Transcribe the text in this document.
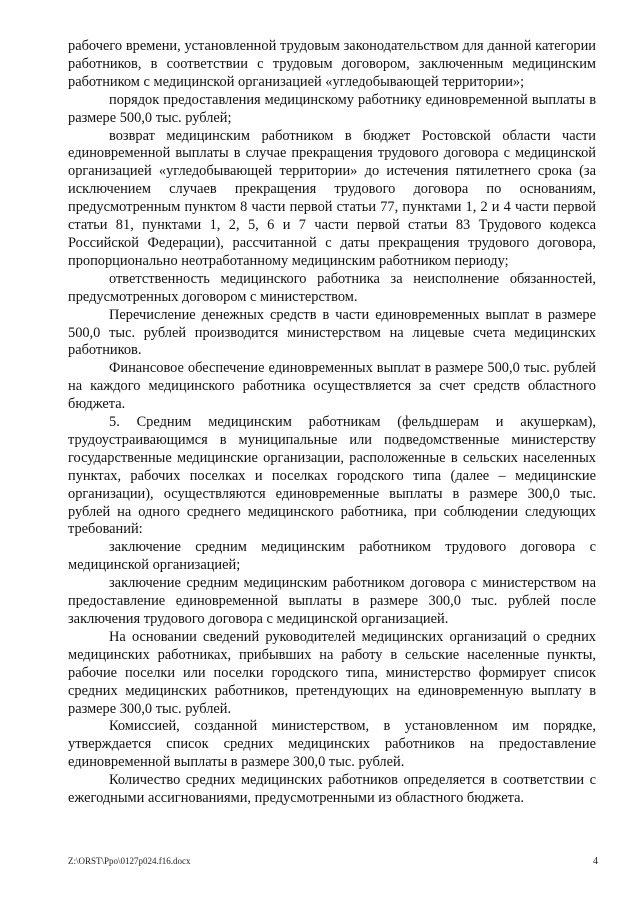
рабочего времени, установленной трудовым законодательством для данной категории работников, в соответствии с трудовым договором, заключенным медицинским работником с медицинской организацией «угледобывающей территории»;

порядок предоставления медицинскому работнику единовременной выплаты в размере 500,0 тыс. рублей;

возврат медицинским работником в бюджет Ростовской области части единовременной выплаты в случае прекращения трудового договора с медицинской организацией «угледобывающей территории» до истечения пятилетнего срока (за исключением случаев прекращения трудового договора по основаниям, предусмотренным пунктом 8 части первой статьи 77, пунктами 1, 2 и 4 части первой статьи 81, пунктами 1, 2, 5, 6 и 7 части первой статьи 83 Трудового кодекса Российской Федерации), рассчитанной с даты прекращения трудового договора, пропорционально неотработанному медицинским работником периоду;

ответственность медицинского работника за неисполнение обязанностей, предусмотренных договором с министерством.

Перечисление денежных средств в части единовременных выплат в размере 500,0 тыс. рублей производится министерством на лицевые счета медицинских работников.

Финансовое обеспечение единовременных выплат в размере 500,0 тыс. рублей на каждого медицинского работника осуществляется за счет средств областного бюджета.

5. Средним медицинским работникам (фельдшерам и акушеркам), трудоустраивающимся в муниципальные или подведомственные министерству государственные медицинские организации, расположенные в сельских населенных пунктах, рабочих поселках и поселках городского типа (далее – медицинские организации), осуществляются единовременные выплаты в размере 300,0 тыс. рублей на одного среднего медицинского работника, при соблюдении следующих требований:

заключение средним медицинским работником трудового договора с медицинской организацией;

заключение средним медицинским работником договора с министерством на предоставление единовременной выплаты в размере 300,0 тыс. рублей после заключения трудового договора с медицинской организацией.

На основании сведений руководителей медицинских организаций о средних медицинских работниках, прибывших на работу в сельские населенные пункты, рабочие поселки или поселки городского типа, министерство формирует список средних медицинских работников, претендующих на единовременную выплату в размере 300,0 тыс. рублей.

Комиссией, созданной министерством, в установленном им порядке, утверждается список средних медицинских работников на предоставление единовременной выплаты в размере 300,0 тыс. рублей.

Количество средних медицинских работников определяется в соответствии с ежегодными ассигнованиями, предусмотренными из областного бюджета.

Z:\ORST\Ppo\0127p024.f16.docx	4
